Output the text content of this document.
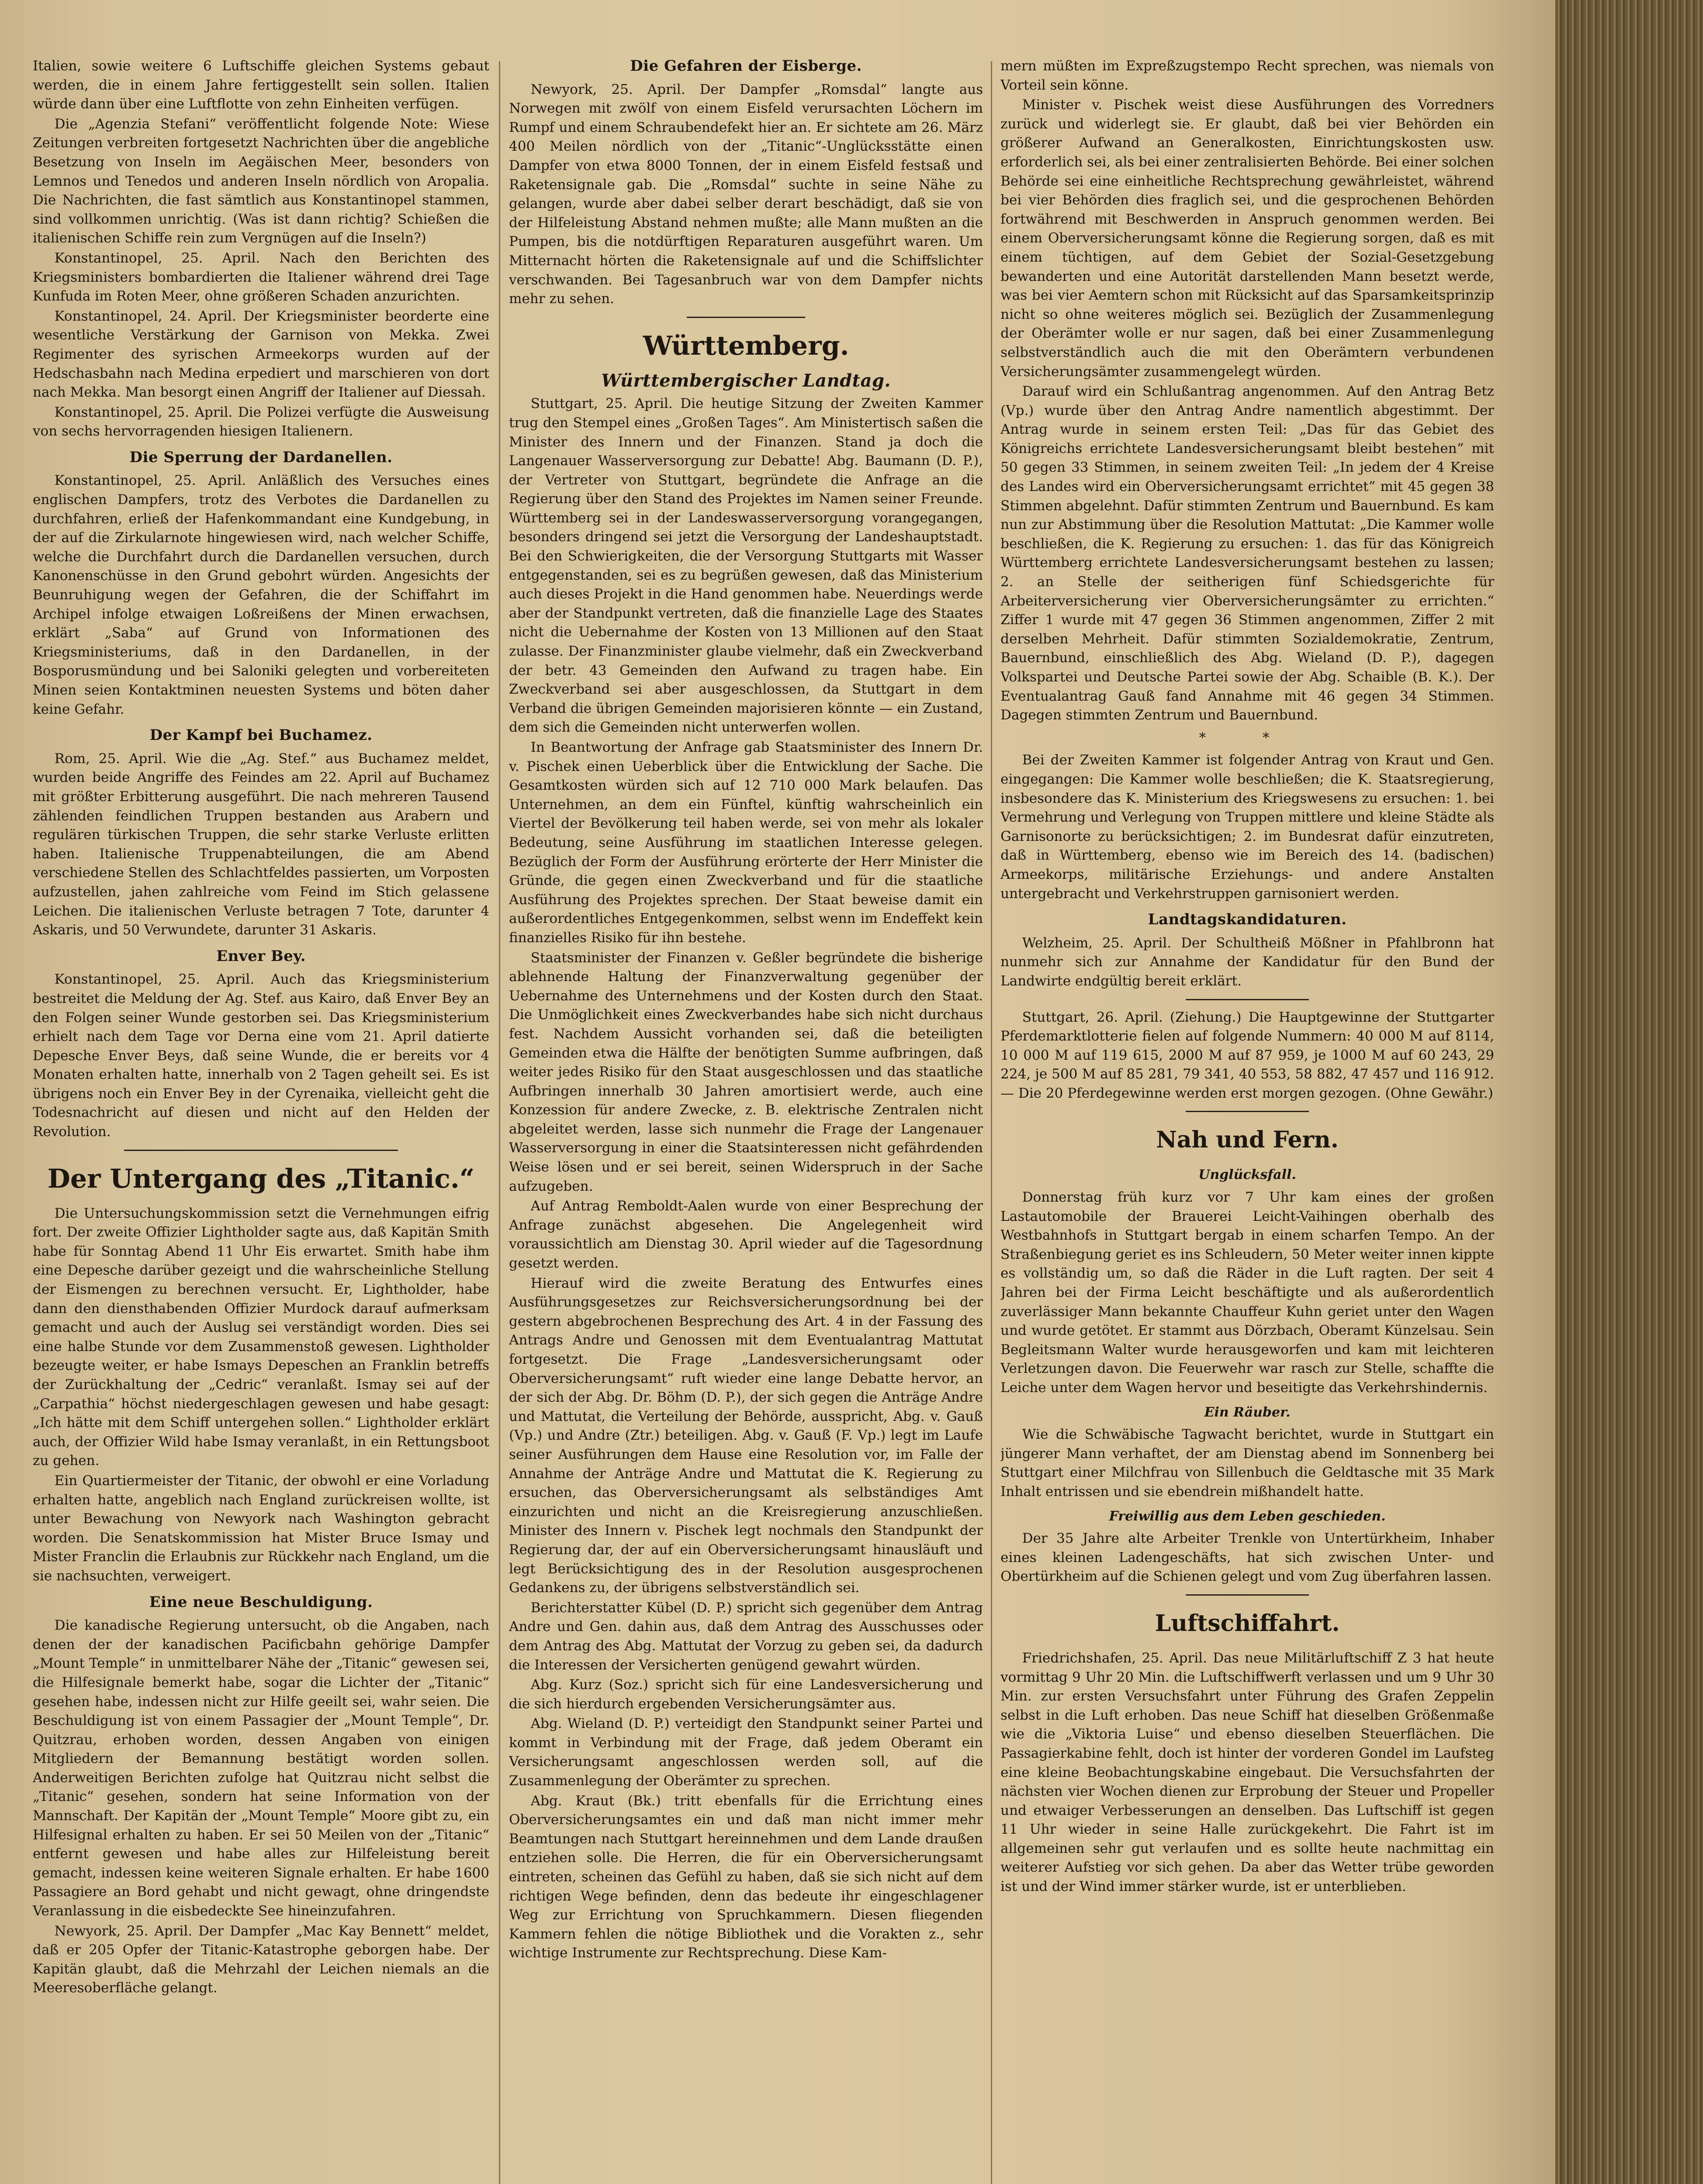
Italien, sowie weitere 6 Luftschiffe gleichen Systems gebaut werden, die in einem Jahre fertiggestellt sein sollen. Italien würde dann über eine Luftflotte von zehn Einheiten verfügen.

Die „Agenzia Stefani“ veröffentlicht folgende Note: Wiese Zeitungen verbreiten fortgesetzt Nachrichten über die angebliche Besetzung von Inseln im Aegäischen Meer, besonders von Lemnos und Tenedos und anderen Inseln nördlich von Aropalia. Die Nachrichten, die fast sämtlich aus Konstantinopel stammen, sind vollkommen unrichtig. (Was ist dann richtig? Schießen die italienischen Schiffe rein zum Vergnügen auf die Inseln?)

Konstantinopel, 25. April. Nach den Berichten des Kriegsministers bombardierten die Italiener während drei Tage Kunfuda im Roten Meer, ohne größeren Schaden anzurichten.

Konstantinopel, 24. April. Der Kriegsminister beorderte eine wesentliche Verstärkung der Garnison von Mekka. Zwei Regimenter des syrischen Armeekorps wurden auf der Hedschasbahn nach Medina erpediert und marschieren von dort nach Mekka. Man besorgt einen Angriff der Italiener auf Diessah.

Konstantinopel, 25. April. Die Polizei verfügte die Ausweisung von sechs hervorragenden hiesigen Italienern.

Die Sperrung der Dardanellen.

Konstantinopel, 25. April. Anläßlich des Versuches eines englischen Dampfers, trotz des Verbotes die Dardanellen zu durchfahren, erließ der Hafenkommandant eine Kundgebung, in der auf die Zirkularnote hingewiesen wird, nach welcher Schiffe, welche die Durchfahrt durch die Dardanellen versuchen, durch Kanonenschüsse in den Grund gebohrt würden. Angesichts der Beunruhigung wegen der Gefahren, die der Schiffahrt im Archipel infolge etwaigen Loßreißens der Minen erwachsen, erklärt „Saba“ auf Grund von Informationen des Kriegsministeriums, daß in den Dardanellen, in der Bosporusmündung und bei Saloniki gelegten und vorbereiteten Minen seien Kontaktminen neuesten Systems und böten daher keine Gefahr.

Der Kampf bei Buchamez.

Rom, 25. April. Wie die „Ag. Stef.“ aus Buchamez meldet, wurden beide Angriffe des Feindes am 22. April auf Buchamez mit größter Erbitterung ausgeführt. Die nach mehreren Tausend zählenden feindlichen Truppen bestanden aus Arabern und regulären türkischen Truppen, die sehr starke Verluste erlitten haben. Italienische Truppenabteilungen, die am Abend verschiedene Stellen des Schlachtfeldes passierten, um Vorposten aufzustellen, jahen zahlreiche vom Feind im Stich gelassene Leichen. Die italienischen Verluste betragen 7 Tote, darunter 4 Askaris, und 50 Verwundete, darunter 31 Askaris.

Enver Bey.

Konstantinopel, 25. April. Auch das Kriegsministerium bestreitet die Meldung der Ag. Stef. aus Kairo, daß Enver Bey an den Folgen seiner Wunde gestorben sei. Das Kriegsministerium erhielt nach dem Tage vor Derna eine vom 21. April datierte Depesche Enver Beys, daß seine Wunde, die er bereits vor 4 Monaten erhalten hatte, innerhalb von 2 Tagen geheilt sei. Es ist übrigens noch ein Enver Bey in der Cyrenaika, vielleicht geht die Todesnachricht auf diesen und nicht auf den Helden der Revolution.

Der Untergang des „Titanic.“

Die Untersuchungskommission setzt die Vernehmungen eifrig fort. Der zweite Offizier Lightholder sagte aus, daß Kapitän Smith habe für Sonntag Abend 11 Uhr Eis erwartet. Smith habe ihm eine Depesche darüber gezeigt und die wahrscheinliche Stellung der Eismengen zu berechnen versucht. Er, Lightholder, habe dann den diensthabenden Offizier Murdock darauf aufmerksam gemacht und auch der Auslug sei verständigt worden. Dies sei eine halbe Stunde vor dem Zusammenstoß gewesen. Lightholder bezeugte weiter, er habe Ismays Depeschen an Franklin betreffs der Zurückhaltung der „Cedric“ veranlaßt. Ismay sei auf der „Carpathia“ höchst niedergeschlagen gewesen und habe gesagt: „Ich hätte mit dem Schiff untergehen sollen.“ Lightholder erklärt auch, der Offizier Wild habe Ismay veranlaßt, in ein Rettungsboot zu gehen.

Ein Quartiermeister der Titanic, der obwohl er eine Vorladung erhalten hatte, angeblich nach England zurückreisen wollte, ist unter Bewachung von Newyork nach Washington gebracht worden. Die Senatskommission hat Mister Bruce Ismay und Mister Franclin die Erlaubnis zur Rückkehr nach England, um die sie nachsuchten, verweigert.

Eine neue Beschuldigung.

Die kanadische Regierung untersucht, ob die Angaben, nach denen der der kanadischen Pacificbahn gehörige Dampfer „Mount Temple“ in unmittelbarer Nähe der „Titanic“ gewesen sei, die Hilfesignale bemerkt habe, sogar die Lichter der „Titanic“ gesehen habe, indessen nicht zur Hilfe geeilt sei, wahr seien. Die Beschuldigung ist von einem Passagier der „Mount Temple“, Dr. Quitzrau, erhoben worden, dessen Angaben von einigen Mitgliedern der Bemannung bestätigt worden sollen. Anderweitigen Berichten zufolge hat Quitzrau nicht selbst die „Titanic“ gesehen, sondern hat seine Information von der Mannschaft. Der Kapitän der „Mount Temple“ Moore gibt zu, ein Hilfesignal erhalten zu haben. Er sei 50 Meilen von der „Titanic“ entfernt gewesen und habe alles zur Hilfeleistung bereit gemacht, indessen keine weiteren Signale erhalten. Er habe 1600 Passagiere an Bord gehabt und nicht gewagt, ohne dringendste Veranlassung in die eisbedeckte See hineinzufahren.

Newyork, 25. April. Der Dampfer „Mac Kay Bennett“ meldet, daß er 205 Opfer der Titanic-Katastrophe geborgen habe. Der Kapitän glaubt, daß die Mehrzahl der Leichen niemals an die Meeresoberfläche gelangt.

Die Gefahren der Eisberge.

Newyork, 25. April. Der Dampfer „Romsdal“ langte aus Norwegen mit zwölf von einem Eisfeld verursachten Löchern im Rumpf und einem Schraubendefekt hier an. Er sichtete am 26. März 400 Meilen nördlich von der „Titanic“-Unglücksstätte einen Dampfer von etwa 8000 Tonnen, der in einem Eisfeld festsaß und Raketensignale gab. Die „Romsdal“ suchte in seine Nähe zu gelangen, wurde aber dabei selber derart beschädigt, daß sie von der Hilfeleistung Abstand nehmen mußte; alle Mann mußten an die Pumpen, bis die notdürftigen Reparaturen ausgeführt waren. Um Mitternacht hörten die Raketensignale auf und die Schiffslichter verschwanden. Bei Tagesanbruch war von dem Dampfer nichts mehr zu sehen.

Württemberg.
Württembergischer Landtag.

Stuttgart, 25. April. Die heutige Sitzung der Zweiten Kammer trug den Stempel eines „Großen Tages“. Am Ministertisch saßen die Minister des Innern und der Finanzen. Stand ja doch die Langenauer Wasserversorgung zur Debatte! Abg. Baumann (D. P.), der Vertreter von Stuttgart, begründete die Anfrage an die Regierung über den Stand des Projektes im Namen seiner Freunde. Württemberg sei in der Landeswasserversorgung vorangegangen, besonders dringend sei jetzt die Versorgung der Landeshauptstadt. Bei den Schwierigkeiten, die der Versorgung Stuttgarts mit Wasser entgegenstanden, sei es zu begrüßen gewesen, daß das Ministerium auch dieses Projekt in die Hand genommen habe. Neuerdings werde aber der Standpunkt vertreten, daß die finanzielle Lage des Staates nicht die Uebernahme der Kosten von 13 Millionen auf den Staat zulasse. Der Finanzminister glaube vielmehr, daß ein Zweckverband der betr. 43 Gemeinden den Aufwand zu tragen habe. Ein Zweckverband sei aber ausgeschlossen, da Stuttgart in dem Verband die übrigen Gemeinden majorisieren könnte — ein Zustand, dem sich die Gemeinden nicht unterwerfen wollen.

In Beantwortung der Anfrage gab Staatsminister des Innern Dr. v. Pischek einen Ueberblick über die Entwicklung der Sache. Die Gesamtkosten würden sich auf 12 710 000 Mark belaufen. Das Unternehmen, an dem ein Fünftel, künftig wahrscheinlich ein Viertel der Bevölkerung teil haben werde, sei von mehr als lokaler Bedeutung, seine Ausführung im staatlichen Interesse gelegen. Bezüglich der Form der Ausführung erörterte der Herr Minister die Gründe, die gegen einen Zweckverband und für die staatliche Ausführung des Projektes sprechen. Der Staat beweise damit ein außerordentliches Entgegenkommen, selbst wenn im Endeffekt kein finanzielles Risiko für ihn bestehe.

Staatsminister der Finanzen v. Geßler begründete die bisherige ablehnende Haltung der Finanzverwaltung gegenüber der Uebernahme des Unternehmens und der Kosten durch den Staat. Die Unmöglichkeit eines Zweckverbandes habe sich nicht durchaus fest. Nachdem Aussicht vorhanden sei, daß die beteiligten Gemeinden etwa die Hälfte der benötigten Summe aufbringen, daß weiter jedes Risiko für den Staat ausgeschlossen und das staatliche Aufbringen innerhalb 30 Jahren amortisiert werde, auch eine Konzession für andere Zwecke, z. B. elektrische Zentralen nicht abgeleitet werden, lasse sich nunmehr die Frage der Langenauer Wasserversorgung in einer die Staatsinteressen nicht gefährdenden Weise lösen und er sei bereit, seinen Widerspruch in der Sache aufzugeben.

Auf Antrag Remboldt-Aalen wurde von einer Besprechung der Anfrage zunächst abgesehen. Die Angelegenheit wird voraussichtlich am Dienstag 30. April wieder auf die Tagesordnung gesetzt werden.

Hierauf wird die zweite Beratung des Entwurfes eines Ausführungsgesetzes zur Reichsversicherungsordnung bei der gestern abgebrochenen Besprechung des Art. 4 in der Fassung des Antrags Andre und Genossen mit dem Eventualantrag Mattutat fortgesetzt. Die Frage „Landesversicherungsamt oder Oberversicherungsamt“ ruft wieder eine lange Debatte hervor, an der sich der Abg. Dr. Böhm (D. P.), der sich gegen die Anträge Andre und Mattutat, die Verteilung der Behörde, ausspricht, Abg. v. Gauß (Vp.) und Andre (Ztr.) beteiligen. Abg. v. Gauß (F. Vp.) legt im Laufe seiner Ausführungen dem Hause eine Resolution vor, im Falle der Annahme der Anträge Andre und Mattutat die K. Regierung zu ersuchen, das Oberversicherungsamt als selbständiges Amt einzurichten und nicht an die Kreisregierung anzuschließen. Minister des Innern v. Pischek legt nochmals den Standpunkt der Regierung dar, der auf ein Oberversicherungsamt hinausläuft und legt Berücksichtigung des in der Resolution ausgesprochenen Gedankens zu, der übrigens selbstverständlich sei.

Berichterstatter Kübel (D. P.) spricht sich gegenüber dem Antrag Andre und Gen. dahin aus, daß dem Antrag des Ausschusses oder dem Antrag des Abg. Mattutat der Vorzug zu geben sei, da dadurch die Interessen der Versicherten genügend gewahrt würden.

Abg. Kurz (Soz.) spricht sich für eine Landesversicherung und die sich hierdurch ergebenden Versicherungsämter aus.

Abg. Wieland (D. P.) verteidigt den Standpunkt seiner Partei und kommt in Verbindung mit der Frage, daß jedem Oberamt ein Versicherungsamt angeschlossen werden soll, auf die Zusammenlegung der Oberämter zu sprechen.

Abg. Kraut (Bk.) tritt ebenfalls für die Errichtung eines Oberversicherungsamtes ein und daß man nicht immer mehr Beamtungen nach Stuttgart hereinnehmen und dem Lande draußen entziehen solle. Die Herren, die für ein Oberversicherungsamt eintreten, scheinen das Gefühl zu haben, daß sie sich nicht auf dem richtigen Wege befinden, denn das bedeute ihr eingeschlagener Weg zur Errichtung von Spruchkammern. Diesen fliegenden Kammern fehlen die nötige Bibliothek und die Vorakten z., sehr wichtige Instrumente zur Rechtsprechung. Diese Kam-

mern müßten im Expreßzugstempo Recht sprechen, was niemals von Vorteil sein könne.

Minister v. Pischek weist diese Ausführungen des Vorredners zurück und widerlegt sie. Er glaubt, daß bei vier Behörden ein größerer Aufwand an Generalkosten, Einrichtungskosten usw. erforderlich sei, als bei einer zentralisierten Behörde. Bei einer solchen Behörde sei eine einheitliche Rechtsprechung gewährleistet, während bei vier Behörden dies fraglich sei, und die gesprochenen Behörden fortwährend mit Beschwerden in Anspruch genommen werden. Bei einem Oberversicherungsamt könne die Regierung sorgen, daß es mit einem tüchtigen, auf dem Gebiet der Sozial-Gesetzgebung bewanderten und eine Autorität darstellenden Mann besetzt werde, was bei vier Aemtern schon mit Rücksicht auf das Sparsamkeitsprinzip nicht so ohne weiteres möglich sei. Bezüglich der Zusammenlegung der Oberämter wolle er nur sagen, daß bei einer Zusammenlegung selbstverständlich auch die mit den Oberämtern verbundenen Versicherungsämter zusammengelegt würden.

Darauf wird ein Schlußantrag angenommen. Auf den Antrag Betz (Vp.) wurde über den Antrag Andre namentlich abgestimmt. Der Antrag wurde in seinem ersten Teil: „Das für das Gebiet des Königreichs errichtete Landesversicherungsamt bleibt bestehen“ mit 50 gegen 33 Stimmen, in seinem zweiten Teil: „In jedem der 4 Kreise des Landes wird ein Oberversicherungsamt errichtet“ mit 45 gegen 38 Stimmen abgelehnt. Dafür stimmten Zentrum und Bauernbund. Es kam nun zur Abstimmung über die Resolution Mattutat: „Die Kammer wolle beschließen, die K. Regierung zu ersuchen: 1. das für das Königreich Württemberg errichtete Landesversicherungsamt bestehen zu lassen; 2. an Stelle der seitherigen fünf Schiedsgerichte für Arbeiterversicherung vier Oberversicherungsämter zu errichten.“ Ziffer 1 wurde mit 47 gegen 36 Stimmen angenommen, Ziffer 2 mit derselben Mehrheit. Dafür stimmten Sozialdemokratie, Zentrum, Bauernbund, einschließlich des Abg. Wieland (D. P.), dagegen Volkspartei und Deutsche Partei sowie der Abg. Schaible (B. K.). Der Eventualantrag Gauß fand Annahme mit 46 gegen 34 Stimmen. Dagegen stimmten Zentrum und Bauernbund.

* *

Bei der Zweiten Kammer ist folgender Antrag von Kraut und Gen. eingegangen: Die Kammer wolle beschließen; die K. Staatsregierung, insbesondere das K. Ministerium des Kriegswesens zu ersuchen: 1. bei Vermehrung und Verlegung von Truppen mittlere und kleine Städte als Garnisonorte zu berücksichtigen; 2. im Bundesrat dafür einzutreten, daß in Württemberg, ebenso wie im Bereich des 14. (badischen) Armeekorps, militärische Erziehungs- und andere Anstalten untergebracht und Verkehrstruppen garnisoniert werden.

Landtagskandidaturen.

Welzheim, 25. April. Der Schultheiß Mößner in Pfahlbronn hat nunmehr sich zur Annahme der Kandidatur für den Bund der Landwirte endgültig bereit erklärt.

Stuttgart, 26. April. (Ziehung.) Die Hauptgewinne der Stuttgarter Pferdemarktlotterie fielen auf folgende Nummern: 40 000 M auf 8114, 10 000 M auf 119 615, 2000 M auf 87 959, je 1000 M auf 60 243, 29 224, je 500 M auf 85 281, 79 341, 40 553, 58 882, 47 457 und 116 912. — Die 20 Pferdegewinne werden erst morgen gezogen. (Ohne Gewähr.)

Nah und Fern.
Unglücksfall.

Donnerstag früh kurz vor 7 Uhr kam eines der großen Lastautomobile der Brauerei Leicht-Vaihingen oberhalb des Westbahnhofs in Stuttgart bergab in einem scharfen Tempo. An der Straßenbiegung geriet es ins Schleudern, 50 Meter weiter innen kippte es vollständig um, so daß die Räder in die Luft ragten. Der seit 4 Jahren bei der Firma Leicht beschäftigte und als außerordentlich zuverlässiger Mann bekannte Chauffeur Kuhn geriet unter den Wagen und wurde getötet. Er stammt aus Dörzbach, Oberamt Künzelsau. Sein Begleitsmann Walter wurde herausgeworfen und kam mit leichteren Verletzungen davon. Die Feuerwehr war rasch zur Stelle, schaffte die Leiche unter dem Wagen hervor und beseitigte das Verkehrshindernis.

Ein Räuber.

Wie die Schwäbische Tagwacht berichtet, wurde in Stuttgart ein jüngerer Mann verhaftet, der am Dienstag abend im Sonnenberg bei Stuttgart einer Milchfrau von Sillenbuch die Geldtasche mit 35 Mark Inhalt entrissen und sie ebendrein mißhandelt hatte.

Freiwillig aus dem Leben geschieden.

Der 35 Jahre alte Arbeiter Trenkle von Untertürkheim, Inhaber eines kleinen Ladengeschäfts, hat sich zwischen Unter- und Obertürkheim auf die Schienen gelegt und vom Zug überfahren lassen.

Luftschiffahrt.

Friedrichshafen, 25. April. Das neue Militärluftschiff Z 3 hat heute vormittag 9 Uhr 20 Min. die Luftschiffwerft verlassen und um 9 Uhr 30 Min. zur ersten Versuchsfahrt unter Führung des Grafen Zeppelin selbst in die Luft erhoben. Das neue Schiff hat dieselben Größenmaße wie die „Viktoria Luise“ und ebenso dieselben Steuerflächen. Die Passagierkabine fehlt, doch ist hinter der vorderen Gondel im Laufsteg eine kleine Beobachtungskabine eingebaut. Die Versuchsfahrten der nächsten vier Wochen dienen zur Erprobung der Steuer und Propeller und etwaiger Verbesserungen an denselben. Das Luftschiff ist gegen 11 Uhr wieder in seine Halle zurückgekehrt. Die Fahrt ist im allgemeinen sehr gut verlaufen und es sollte heute nachmittag ein weiterer Aufstieg vor sich gehen. Da aber das Wetter trübe geworden ist und der Wind immer stärker wurde, ist er unterblieben.
